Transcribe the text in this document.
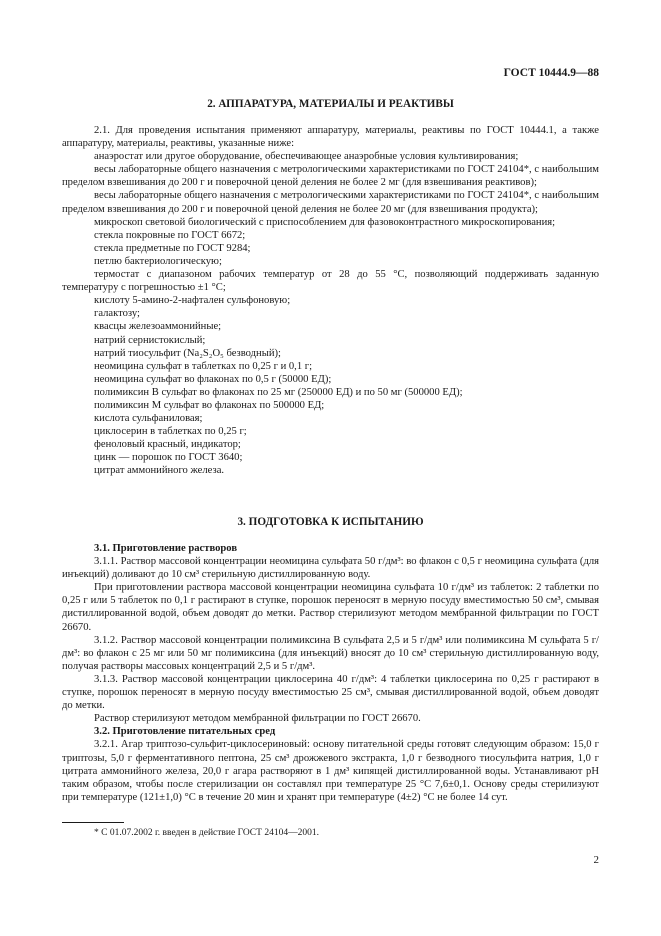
ГОСТ 10444.9—88
2. АППАРАТУРА, МАТЕРИАЛЫ И РЕАКТИВЫ

2.1. Для проведения испытания применяют аппаратуру, материалы, реактивы по ГОСТ 10444.1, а также аппаратуру, материалы, реактивы, указанные ниже:

анаэростат или другое оборудование, обеспечивающее анаэробные условия культивирования;
весы лабораторные общего назначения с метрологическими характеристиками по ГОСТ 24104*, с наибольшим пределом взвешивания до 200 г и поверочной ценой деления не более 2 мг (для взвешивания реактивов);
весы лабораторные общего назначения с метрологическими характеристиками по ГОСТ 24104*, с наибольшим пределом взвешивания до 200 г и поверочной ценой деления не более 20 мг (для взвешивания продукта);
микроскоп световой биологический с приспособлением для фазовоконтрастного микроскопирования;
стекла покровные по ГОСТ 6672;
стекла предметные по ГОСТ 9284;
петлю бактериологическую;
термостат с диапазоном рабочих температур от 28 до 55 °С, позволяющий поддерживать заданную температуру с погрешностью ±1 °С;
кислоту 5-амино-2-нафтален сульфоновую;
галактозу;
квасцы железоаммонийные;
натрий сернистокислый;
натрий тиосульфит (Na₂S₂O₅ безводный);
неомицина сульфат в таблетках по 0,25 г и 0,1 г;
неомицина сульфат во флаконах по 0,5 г (50000 ЕД);
полимиксин В сульфат во флаконах по 25 мг (250000 ЕД) и по 50 мг (500000 ЕД);
полимиксин М сульфат во флаконах по 500000 ЕД;
кислота сульфаниловая;
циклосерин в таблетках по 0,25 г;
феноловый красный, индикатор;
цинк — порошок по ГОСТ 3640;
цитрат аммонийного железа.
3. ПОДГОТОВКА К ИСПЫТАНИЮ
3.1. Приготовление растворов

3.1.1. Раствор массовой концентрации неомицина сульфата 50 г/дм³: во флакон с 0,5 г неомицина сульфата (для инъекций) доливают до 10 см³ стерильную дистиллированную воду.

При приготовлении раствора массовой концентрации неомицина сульфата 10 г/дм³ из таблеток: 2 таблетки по 0,25 г или 5 таблеток по 0,1 г растирают в ступке, порошок переносят в мерную посуду вместимостью 50 см³, смывая дистиллированной водой, объем доводят до метки. Раствор стерилизуют методом мембранной фильтрации по ГОСТ 26670.

3.1.2. Раствор массовой концентрации полимиксина В сульфата 2,5 и 5 г/дм³ или полимиксина М сульфата 5 г/дм³: во флакон с 25 мг или 50 мг полимиксина (для инъекций) вносят до 10 см³ стерильную дистиллированную воду, получая растворы массовых концентраций 2,5 и 5 г/дм³.

3.1.3. Раствор массовой концентрации циклосерина 40 г/дм³: 4 таблетки циклосерина по 0,25 г растирают в ступке, порошок переносят в мерную посуду вместимостью 25 см³, смывая дистиллированной водой, объем доводят до метки.

Раствор стерилизуют методом мембранной фильтрации по ГОСТ 26670.

3.2. Приготовление питательных сред

3.2.1. Агар триптозо-сульфит-циклосериновый: основу питательной среды готовят следующим образом: 15,0 г триптозы, 5,0 г ферментативного пептона, 25 см³ дрожжевого экстракта, 1,0 г безводного тиосульфита натрия, 1,0 г цитрата аммонийного железа, 20,0 г агара растворяют в 1 дм³ кипящей дистиллированной воды. Устанавливают рН таким образом, чтобы после стерилизации он составлял при температуре 25 °С 7,6±0,1. Основу среды стерилизуют при температуре (121±1,0) °С в течение 20 мин и хранят при температуре (4±2) °С не более 14 сут.

* С 01.07.2002 г. введен в действие ГОСТ 24104—2001.
2
